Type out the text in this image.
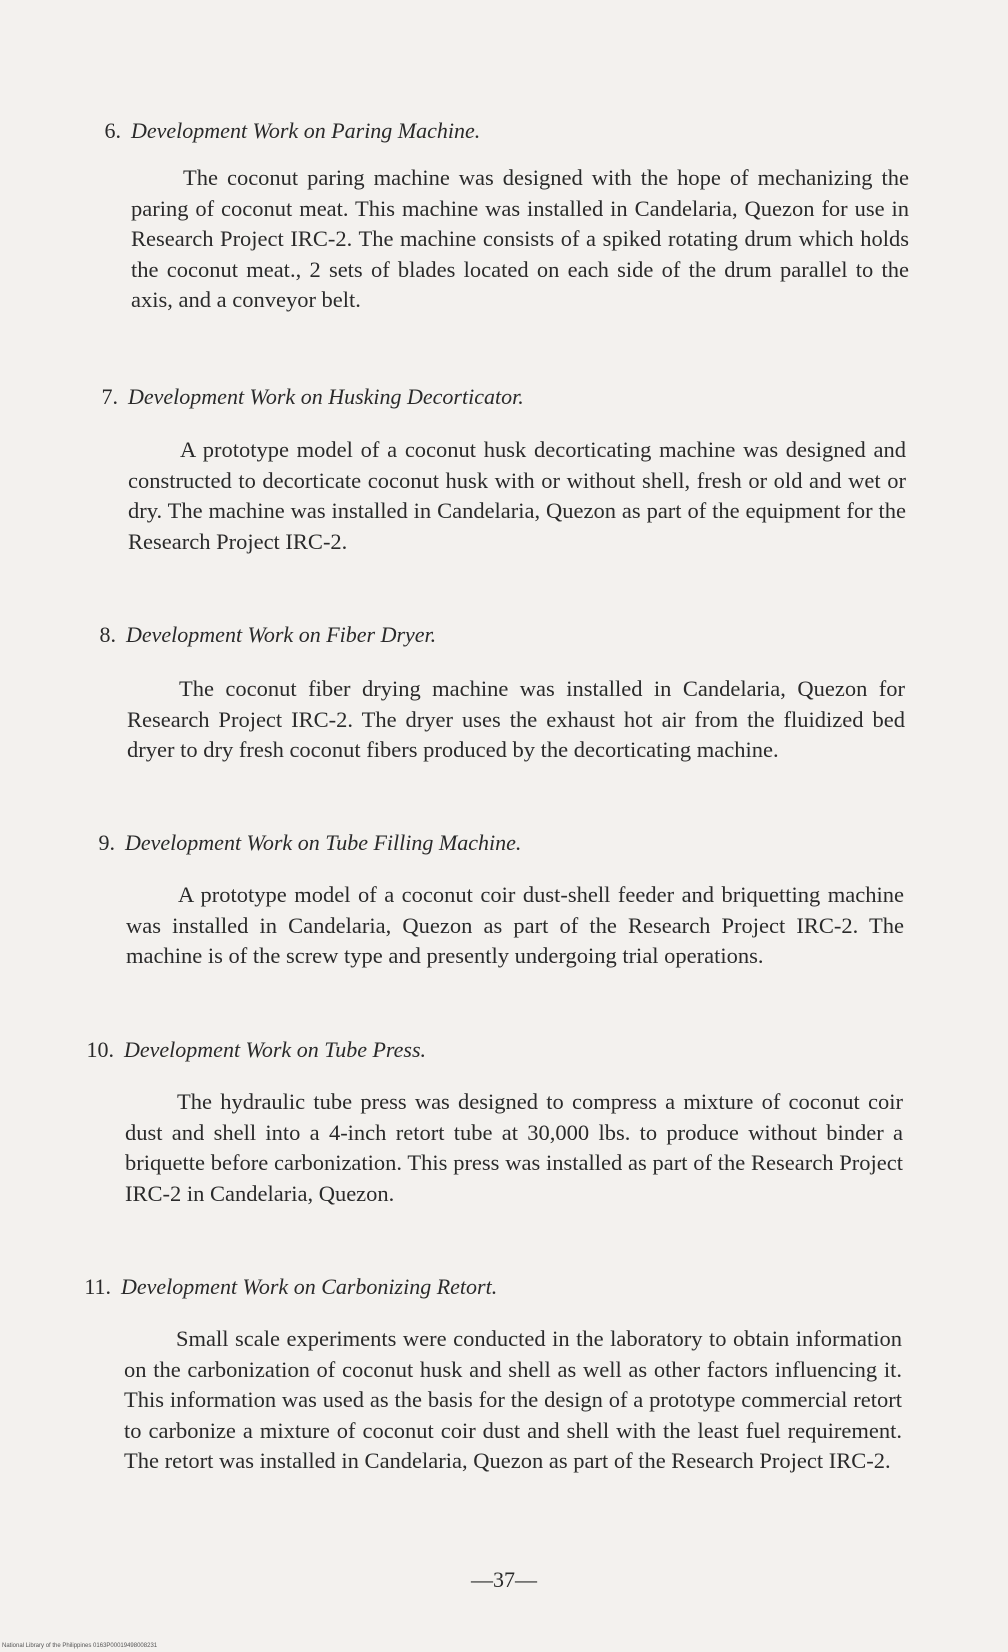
6. Development Work on Paring Machine.
The coconut paring machine was designed with the hope of mechanizing the paring of coconut meat. This machine was installed in Candelaria, Quezon for use in Research Project IRC-2. The machine consists of a spiked rotating drum which holds the coconut meat., 2 sets of blades located on each side of the drum parallel to the axis, and a conveyor belt.
7. Development Work on Husking Decorticator.
A prototype model of a coconut husk decorticating machine was designed and constructed to decorticate coconut husk with or without shell, fresh or old and wet or dry. The machine was installed in Candelaria, Quezon as part of the equipment for the Research Project IRC-2.
8. Development Work on Fiber Dryer.
The coconut fiber drying machine was installed in Candelaria, Quezon for Research Project IRC-2. The dryer uses the exhaust hot air from the fluidized bed dryer to dry fresh coconut fibers produced by the decorticating machine.
9. Development Work on Tube Filling Machine.
A prototype model of a coconut coir dust-shell feeder and briquetting machine was installed in Candelaria, Quezon as part of the Research Project IRC-2. The machine is of the screw type and presently undergoing trial operations.
10. Development Work on Tube Press.
The hydraulic tube press was designed to compress a mixture of coconut coir dust and shell into a 4-inch retort tube at 30,000 lbs. to produce without binder a briquette before carbonization. This press was installed as part of the Research Project IRC-2 in Candelaria, Quezon.
11. Development Work on Carbonizing Retort.
Small scale experiments were conducted in the laboratory to obtain information on the carbonization of coconut husk and shell as well as other factors influencing it. This information was used as the basis for the design of a prototype commercial retort to carbonize a mixture of coconut coir dust and shell with the least fuel requirement. The retort was installed in Candelaria, Quezon as part of the Research Project IRC-2.
—37—
National Library of the Philippines 0163P00019498008231
